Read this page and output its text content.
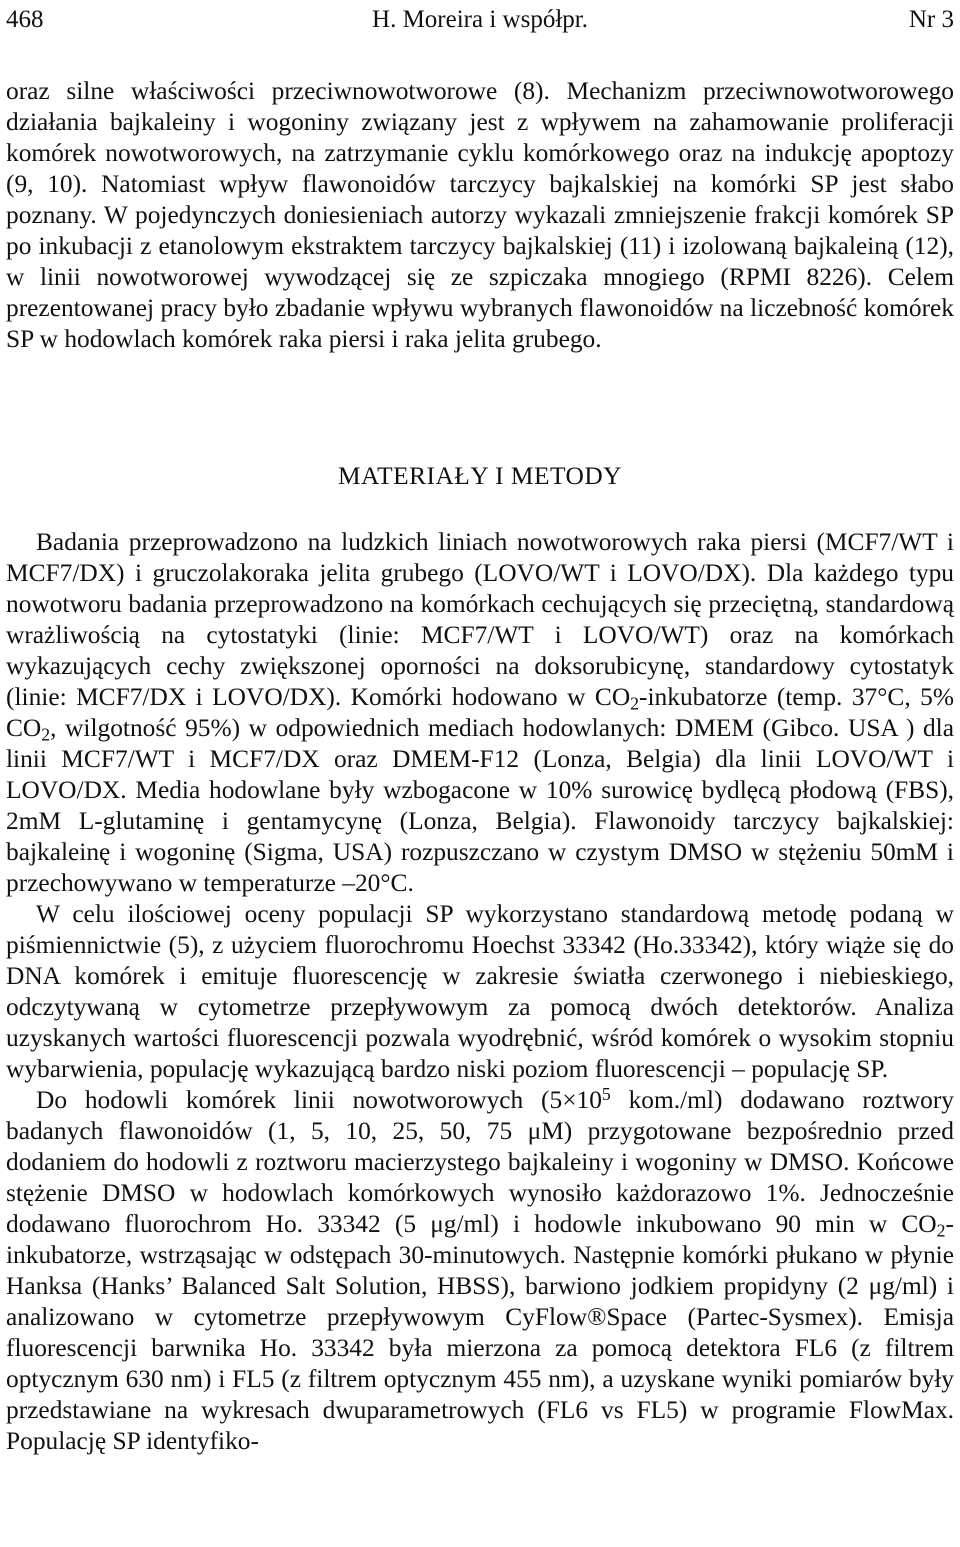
468	H. Moreira i współpr.	Nr 3

oraz silne właściwości przeciwnowotworowe (8). Mechanizm przeciwnowotworowego działania bajkaleiny i wogoniny związany jest z wpływem na zahamowanie proliferacji komórek nowotworowych, na zatrzymanie cyklu komórkowego oraz na indukcję apoptozy (9, 10). Natomiast wpływ flawonoidów tarczycy bajkalskiej na komórki SP jest słabo poznany. W pojedynczych doniesieniach autorzy wykazali zmniejszenie frakcji komórek SP po inkubacji z etanolowym ekstraktem tarczycy bajkalskiej (11) i izolowaną bajkaleiną (12), w linii nowotworowej wywodzącej się ze szpiczaka mnogiego (RPMI 8226). Celem prezentowanej pracy było zbadanie wpływu wybranych flawonoidów na liczebność komórek SP w hodowlach komórek raka piersi i raka jelita grubego.

MATERIAŁY I METODY

Badania przeprowadzono na ludzkich liniach nowotworowych raka piersi (MCF7/WT i MCF7/DX) i gruczolakoraka jelita grubego (LOVO/WT i LOVO/DX). Dla każdego typu nowotworu badania przeprowadzono na komórkach cechujących się przeciętną, standardową wrażliwością na cytostatyki (linie: MCF7/WT i LOVO/WT) oraz na komórkach wykazujących cechy zwiększonej oporności na doksorubicynę, standardowy cytostatyk (linie: MCF7/DX i LOVO/DX). Komórki hodowano w $CO_2$-inkubatorze (temp. 37°C, 5% $CO_2$, wilgotność 95%) w odpowiednich mediach hodowlanych: DMEM (Gibco. USA ) dla linii MCF7/WT i MCF7/DX oraz DMEM-F12 (Lonza, Belgia) dla linii LOVO/WT i LOVO/DX. Media hodowlane były wzbogacone w 10% surowicę bydlęcą płodową (FBS), 2mM L-glutaminę i gentamycynę (Lonza, Belgia). Flawonoidy tarczycy bajkalskiej: bajkaleinę i wogoninę (Sigma, USA) rozpuszczano w czystym DMSO w stężeniu 50mM i przechowywano w temperaturze –20°C.

W celu ilościowej oceny populacji SP wykorzystano standardową metodę podaną w piśmiennictwie (5), z użyciem fluorochromu Hoechst 33342 (Ho.33342), który wiąże się do DNA komórek i emituje fluorescencję w zakresie światła czerwonego i niebieskiego, odczytywaną w cytometrze przepływowym za pomocą dwóch detektorów. Analiza uzyskanych wartości fluorescencji pozwala wyodrębnić, wśród komórek o wysokim stopniu wybarwienia, populację wykazującą bardzo niski poziom fluorescencji – populację SP.

Do hodowli komórek linii nowotworowych ($5\times 10^5$ kom./ml) dodawano roztwory badanych flawonoidów (1, 5, 10, 25, 50, 75 μM) przygotowane bezpośrednio przed dodaniem do hodowli z roztworu macierzystego bajkaleiny i wogoniny w DMSO. Końcowe stężenie DMSO w hodowlach komórkowych wynosiło każdorazowo 1%. Jednocześnie dodawano fluorochrom Ho. 33342 (5 μg/ml) i hodowle inkubowano 90 min w $CO_2$-inkubatorze, wstrząsając w odstępach 30-minutowych. Następnie komórki płukano w płynie Hanksa (Hanks’ Balanced Salt Solution, HBSS), barwiono jodkiem propidyny (2 μg/ml) i analizowano w cytometrze przepływowym CyFlow®Space (Partec-Sysmex). Emisja fluorescencji barwnika Ho. 33342 była mierzona za pomocą detektora FL6 (z filtrem optycznym 630 nm) i FL5 (z filtrem optycznym 455 nm), a uzyskane wyniki pomiarów były przedstawiane na wykresach dwuparametrowych (FL6 vs FL5) w programie FlowMax. Populację SP identyfiko-
